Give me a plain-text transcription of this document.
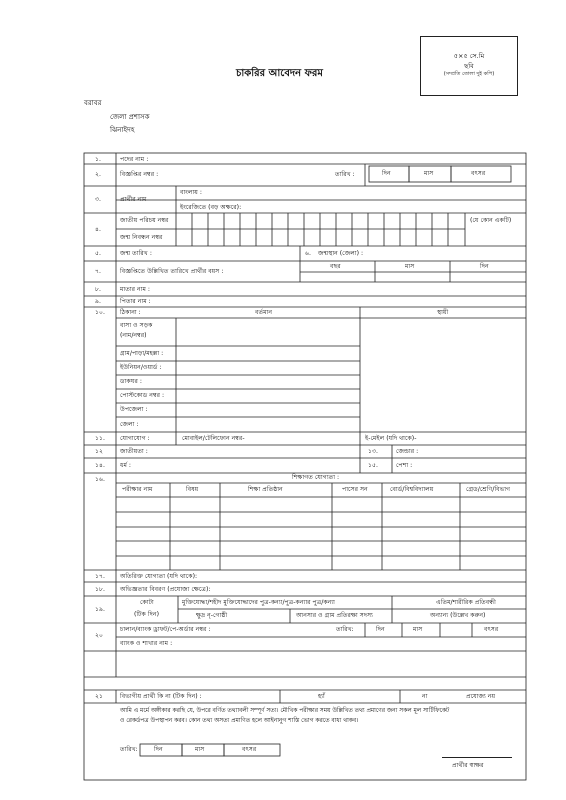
চাকরির আবেদন ফরম
৫×৫ সে.মি
ছবি
(সম্প্রতি তোলা দুই কপি)
বরাবর
জেলা প্রশাসক
ঝিনাইদহ
১.	পদের নাম :
২.	বিজ্ঞপ্তির নম্বর :	তারিখ :	দিন	মাস	বৎসর
৩.	প্রার্থীর নাম
বাংলায় :
ইংরেজিতে (বড় অক্ষরে):
৪.
জাতীয় পরিচয় নম্বর
জন্ম নিবন্ধন নম্বর
(যে কোন একটি)
৫.	জন্ম তারিখ :	৬. জন্মস্থান (জেলা) :
৭.	বিজ্ঞপ্তিতে উল্লিখিত তারিখে প্রার্থীর বয়স :
বছর	মাস	দিন
৮.	মাতার নাম :
৯.	পিতার নাম :
১০. ঠিকানা :	বর্তমান	স্থায়ী
বাসা ও সড়ক
(নাম/নম্বর)
গ্রাম/পাড়া/মহল্লা :
ইউনিয়ন/ওয়ার্ড :
ডাকঘর :
পোস্টকোড নম্বর :
উপজেলা :
জেলা :
১১. যোগাযোগ :	মোবাইল/টেলিফোন নম্বর-	ই-মেইল (যদি থাকে)-
১২	জাতীয়তা :	১৩.	জেন্ডার :
১৪. ধর্ম :	১৫.	পেশা :
১৬.	শিক্ষাগত যোগ্যতা :
পরীক্ষার নাম	বিষয়	শিক্ষা প্রতিষ্ঠান	পাসের সন	বোর্ড/বিশ্ববিদ্যালয়	গ্রেড/শ্রেণি/বিভাগ
১৭. অতিরিক্ত যোগ্যতা (যদি থাকে):
১৮. অভিজ্ঞতার বিবরণ (প্রযোজ্য ক্ষেত্রে):
১৯.
কোটা
(টিক দিন)
মুক্তিযোদ্ধা/শহীদ মুক্তিযোদ্ধাদের পুত্র-কন্যা/পুত্র-কন্যার পুত্র/কন্যা	এতিম/শারীরিক প্রতিবন্ধী
ক্ষুদ্র নৃ-গোষ্ঠী	আনসার ও গ্রাম প্রতিরক্ষা সদস্য	অন্যান্য (উল্লেখ করুন)
২০
চালান/ব্যাংক ড্রাফট/পে-অর্ডার নম্বর :	তারিখ:	দিন	মাস	বৎসর
ব্যাংক ও শাখার নাম :
২১	বিভাগীয় প্রার্থী কি না (টিক দিন) :	হ্যাঁ	না	প্রযোজ্য নয়
আমি এ মর্মে অঙ্গীকার করছি যে, উপরে বর্ণিত তথ্যাবলী সম্পূর্ণ সত্য। মৌখিক পরীক্ষার সময় উল্লিখিত তথ্য প্রমাণের জন্য সকল মূল সার্টিফিকেট
ও রেকর্ডপত্র উপস্থাপন করব। কোন তথ্য অসত্য প্রমাণিত হলে আইনানুগ শাস্তি ভোগ করতে বাধ্য থাকব।
তারিখ:	দিন	মাস	বৎসর
প্রার্থীর স্বাক্ষর
